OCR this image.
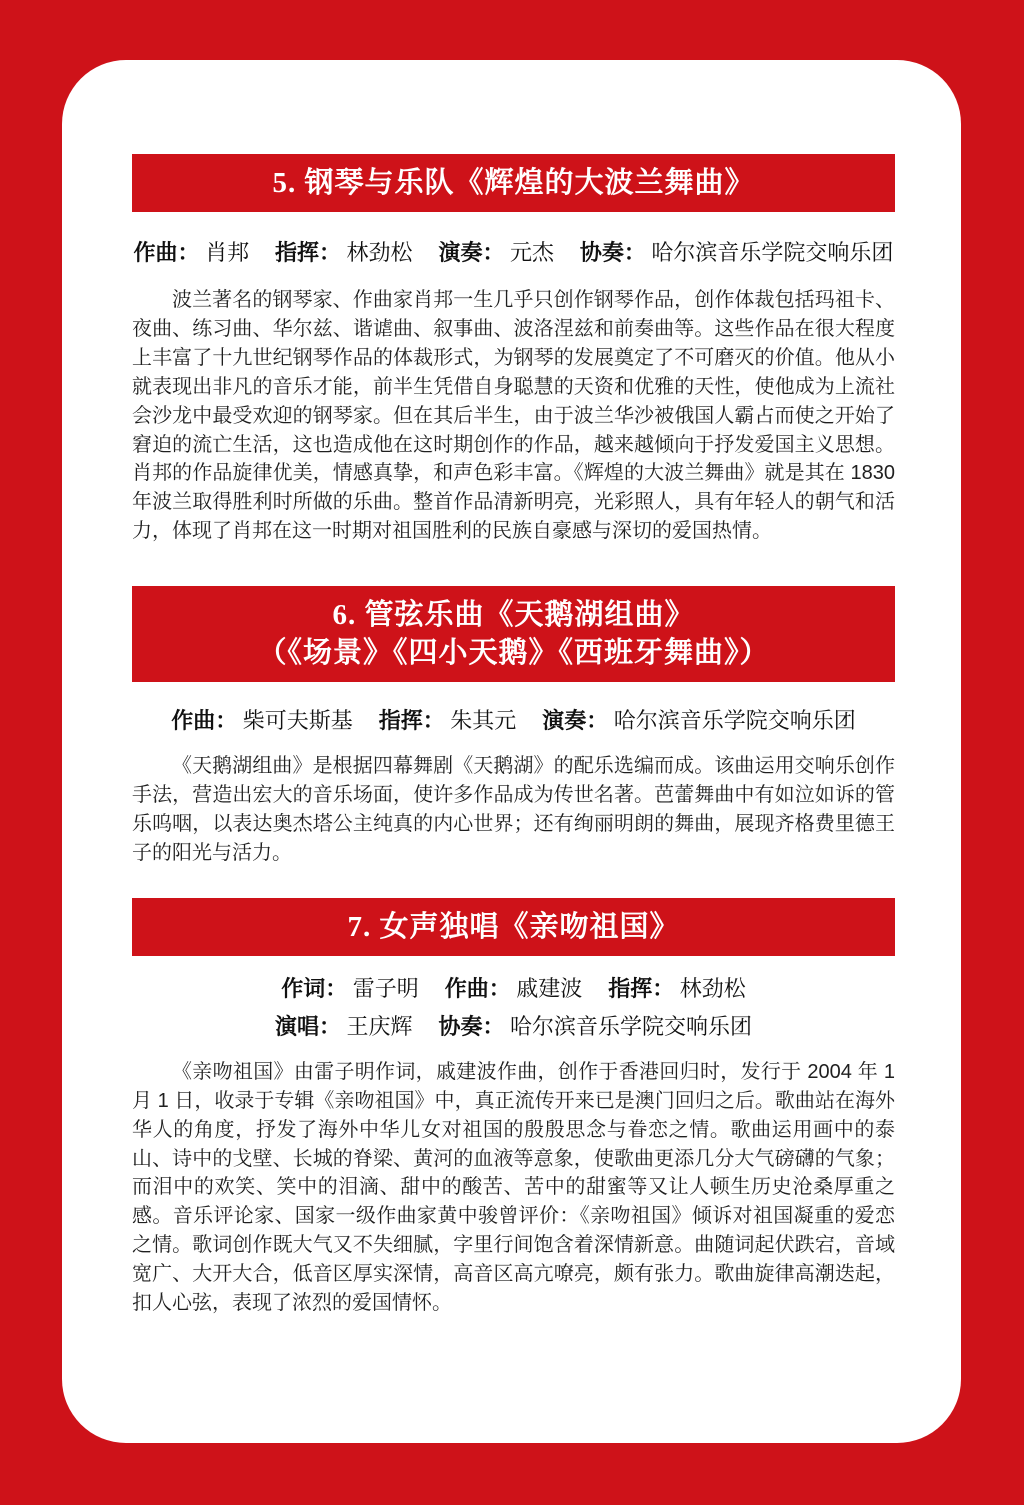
5. 钢琴与乐队《辉煌的大波兰舞曲》
作曲： 肖邦 指挥： 林劲松 演奏： 元杰 协奏： 哈尔滨音乐学院交响乐团

波兰著名的钢琴家、作曲家肖邦一生几乎只创作钢琴作品，创作体裁包括玛祖卡、夜曲、练习曲、华尔兹、谐谑曲、叙事曲、波洛涅兹和前奏曲等。这些作品在很大程度上丰富了十九世纪钢琴作品的体裁形式，为钢琴的发展奠定了不可磨灭的价值。他从小就表现出非凡的音乐才能，前半生凭借自身聪慧的天资和优雅的天性，使他成为上流社会沙龙中最受欢迎的钢琴家。但在其后半生，由于波兰华沙被俄国人霸占而使之开始了窘迫的流亡生活，这也造成他在这时期创作的作品，越来越倾向于抒发爱国主义思想。肖邦的作品旋律优美，情感真挚，和声色彩丰富。《辉煌的大波兰舞曲》就是其在 1830 年波兰取得胜利时所做的乐曲。整首作品清新明亮，光彩照人，具有年轻人的朝气和活力，体现了肖邦在这一时期对祖国胜利的民族自豪感与深切的爱国热情。

6. 管弦乐曲《天鹅湖组曲》
（《场景》《四小天鹅》《西班牙舞曲》）
作曲： 柴可夫斯基 指挥： 朱其元 演奏： 哈尔滨音乐学院交响乐团

《天鹅湖组曲》是根据四幕舞剧《天鹅湖》的配乐选编而成。该曲运用交响乐创作手法，营造出宏大的音乐场面，使许多作品成为传世名著。芭蕾舞曲中有如泣如诉的管乐呜咽，以表达奥杰塔公主纯真的内心世界；还有绚丽明朗的舞曲，展现齐格费里德王子的阳光与活力。

7. 女声独唱《亲吻祖国》
作词： 雷子明 作曲： 戚建波 指挥： 林劲松
演唱： 王庆辉 协奏： 哈尔滨音乐学院交响乐团

《亲吻祖国》由雷子明作词，戚建波作曲，创作于香港回归时，发行于 2004 年 1 月 1 日，收录于专辑《亲吻祖国》中，真正流传开来已是澳门回归之后。歌曲站在海外华人的角度，抒发了海外中华儿女对祖国的殷殷思念与眷恋之情。歌曲运用画中的泰山、诗中的戈壁、长城的脊梁、黄河的血液等意象，使歌曲更添几分大气磅礴的气象；而泪中的欢笑、笑中的泪滴、甜中的酸苦、苦中的甜蜜等又让人顿生历史沧桑厚重之感。音乐评论家、国家一级作曲家黄中骏曾评价：《亲吻祖国》倾诉对祖国凝重的爱恋之情。歌词创作既大气又不失细腻，字里行间饱含着深情新意。曲随词起伏跌宕，音域宽广、大开大合，低音区厚实深情，高音区高亢嘹亮，颇有张力。歌曲旋律高潮迭起，扣人心弦，表现了浓烈的爱国情怀。
